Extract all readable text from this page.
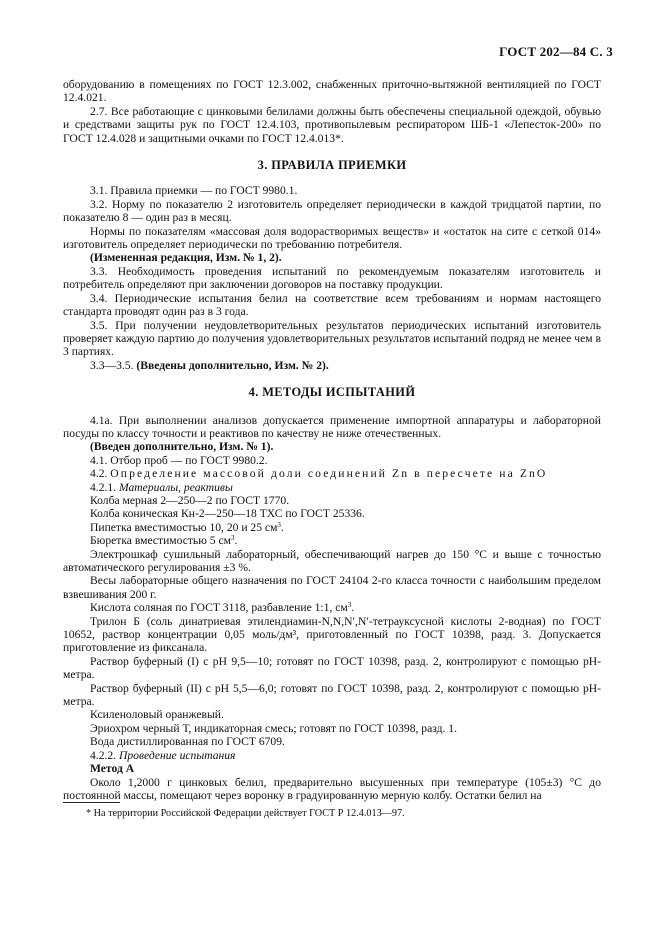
ГОСТ 202—84 С. 3

оборудованию в помещениях по ГОСТ 12.3.002, снабженных приточно-вытяжной вентиляцией по ГОСТ 12.4.021.

2.7. Все работающие с цинковыми белилами должны быть обеспечены специальной одеждой, обувью и средствами защиты рук по ГОСТ 12.4.103, противопылевым респиратором ШБ-1 «Лепесток-200» по ГОСТ 12.4.028 и защитными очками по ГОСТ 12.4.013*.

3. ПРАВИЛА ПРИЕМКИ

3.1. Правила приемки — по ГОСТ 9980.1.

3.2. Норму по показателю 2 изготовитель определяет периодически в каждой тридцатой партии, по показателю 8 — один раз в месяц.

Нормы по показателям «массовая доля водорастворимых веществ» и «остаток на сите с сеткой 014» изготовитель определяет периодически по требованию потребителя.

(Измененная редакция, Изм. № 1, 2).

3.3. Необходимость проведения испытаний по рекомендуемым показателям изготовитель и потребитель определяют при заключении договоров на поставку продукции.

3.4. Периодические испытания белил на соответствие всем требованиям и нормам настоящего стандарта проводят один раз в 3 года.

3.5. При получении неудовлетворительных результатов периодических испытаний изготовитель проверяет каждую партию до получения удовлетворительных результатов испытаний подряд не менее чем в 3 партиях.

3.3—3.5. (Введены дополнительно, Изм. № 2).

4. МЕТОДЫ ИСПЫТАНИЙ

4.1а. При выполнении анализов допускается применение импортной аппаратуры и лабораторной посуды по классу точности и реактивов по качеству не ниже отечественных.

(Введен дополнительно, Изм. № 1).

4.1. Отбор проб — по ГОСТ 9980.2.

4.2. Определение массовой доли соединений Zn в пересчете на ZnO

4.2.1. Материалы, реактивы

Колба мерная 2—250—2 по ГОСТ 1770.

Колба коническая Кн-2—250—18 ТХС по ГОСТ 25336.

Пипетка вместимостью 10, 20 и 25 $см^3$.

Бюретка вместимостью 5 $см^3$.

Электрошкаф сушильный лабораторный, обеспечивающий нагрев до 150 °С и выше с точностью автоматического регулирования ±3 %.

Весы лабораторные общего назначения по ГОСТ 24104 2-го класса точности с наибольшим пределом взвешивания 200 г.

Кислота соляная по ГОСТ 3118, разбавление 1:1, $см^3$.

Трилон Б (соль динатриевая этилендиамин-N,N,N′,N′-тетрауксусной кислоты 2-водная) по ГОСТ 10652, раствор концентрации 0,05 моль/дм³, приготовленный по ГОСТ 10398, разд. 3. Допускается приготовление из фиксанала.

Раствор буферный (I) с рН 9,5—10; готовят по ГОСТ 10398, разд. 2, контролируют с помощью рН-метра.

Раствор буферный (II) с рН 5,5—6,0; готовят по ГОСТ 10398, разд. 2, контролируют с помощью рН-метра.

Ксиленоловый оранжевый.

Эриохром черный Т, индикаторная смесь; готовят по ГОСТ 10398, разд. 1.

Вода дистиллированная по ГОСТ 6709.

4.2.2. Проведение испытания

Метод А

Около 1,2000 г цинковых белил, предварительно высушенных при температуре (105±3) °С до постоянной массы, помещают через воронку в градуированную мерную колбу. Остатки белил на

* На территории Российской Федерации действует ГОСТ Р 12.4.013—97.
